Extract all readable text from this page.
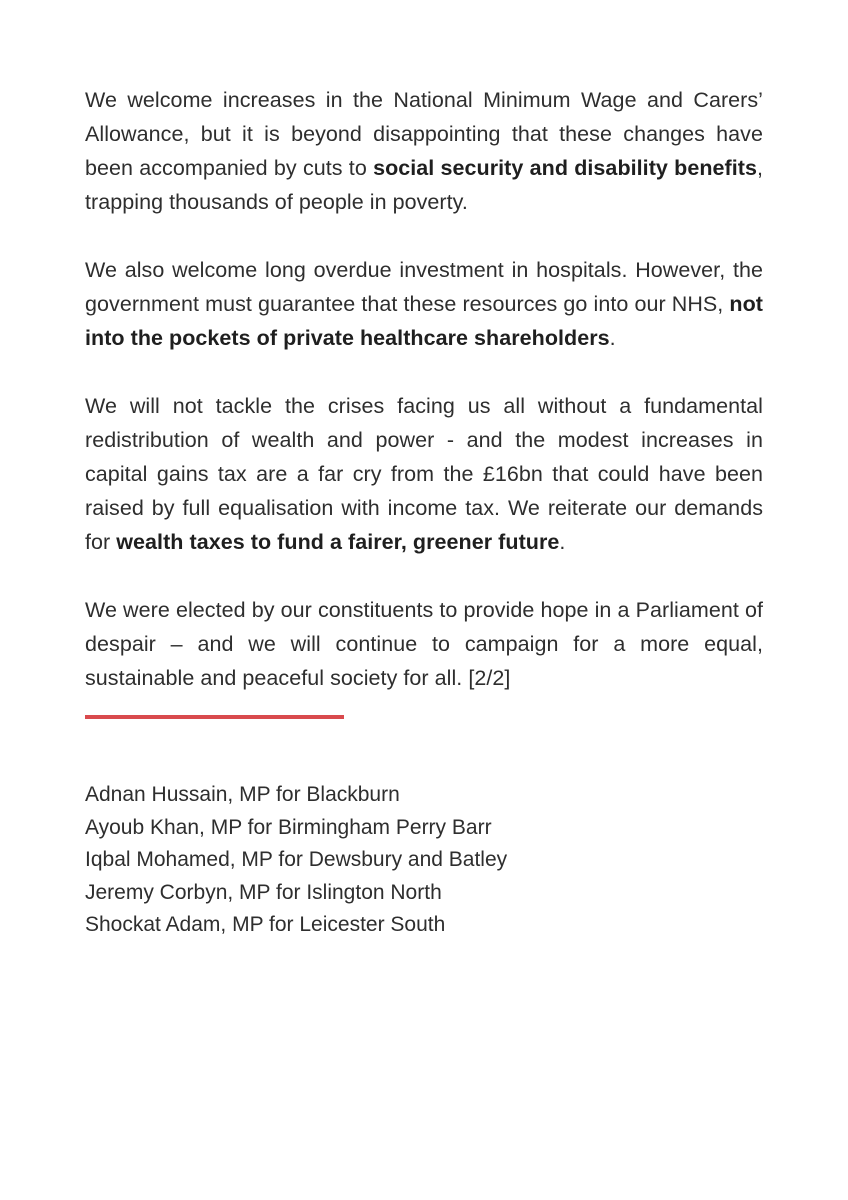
We welcome increases in the National Minimum Wage and Carers’ Allowance, but it is beyond disappointing that these changes have been accompanied by cuts to social security and disability benefits, trapping thousands of people in poverty.

We also welcome long overdue investment in hospitals. However, the government must guarantee that these resources go into our NHS, not into the pockets of private healthcare shareholders.

We will not tackle the crises facing us all without a fundamental redistribution of wealth and power - and the modest increases in capital gains tax are a far cry from the £16bn that could have been raised by full equalisation with income tax. We reiterate our demands for wealth taxes to fund a fairer, greener future.

We were elected by our constituents to provide hope in a Parliament of despair – and we will continue to campaign for a more equal, sustainable and peaceful society for all. [2/2]

Adnan Hussain, MP for Blackburn
Ayoub Khan, MP for Birmingham Perry Barr
Iqbal Mohamed, MP for Dewsbury and Batley
Jeremy Corbyn, MP for Islington North
Shockat Adam, MP for Leicester South
